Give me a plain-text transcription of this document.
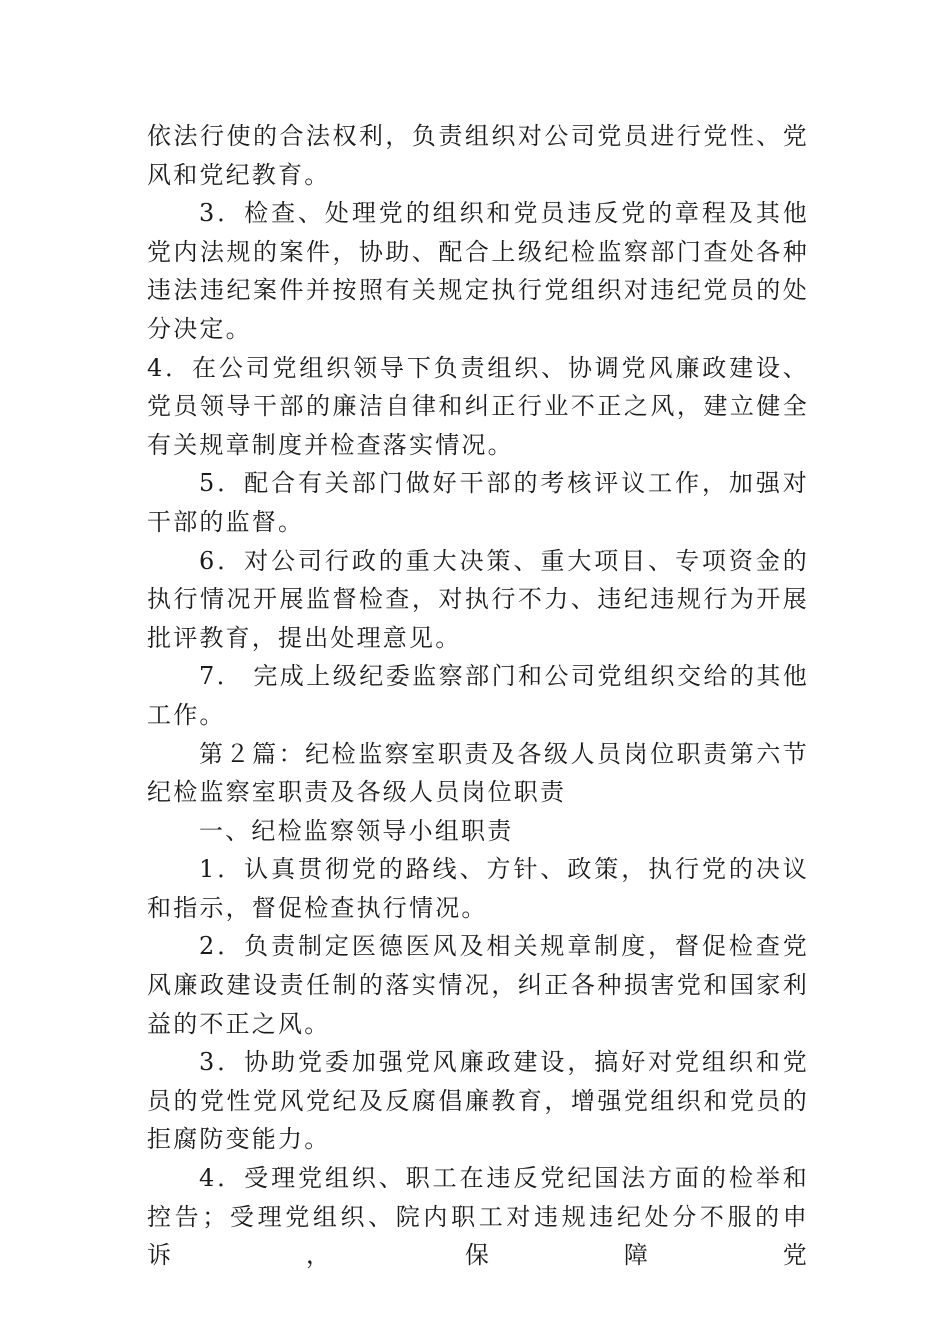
依法行使的合法权利，负责组织对公司党员进行党性、党风和党纪教育。

3．检查、处理党的组织和党员违反党的章程及其他党内法规的案件，协助、配合上级纪检监察部门查处各种违法违纪案件并按照有关规定执行党组织对违纪党员的处分决定。

4．在公司党组织领导下负责组织、协调党风廉政建设、党员领导干部的廉洁自律和纠正行业不正之风，建立健全有关规章制度并检查落实情况。

5．配合有关部门做好干部的考核评议工作，加强对干部的监督。

6．对公司行政的重大决策、重大项目、专项资金的执行情况开展监督检查，对执行不力、违纪违规行为开展批评教育，提出处理意见。

7． 完成上级纪委监察部门和公司党组织交给的其他工作。

第２篇：纪检监察室职责及各级人员岗位职责第六节纪检监察室职责及各级人员岗位职责

一、纪检监察领导小组职责

1．认真贯彻党的路线、方针、政策，执行党的决议和指示，督促检查执行情况。

2．负责制定医德医风及相关规章制度，督促检查党风廉政建设责任制的落实情况，纠正各种损害党和国家利益的不正之风。

3．协助党委加强党风廉政建设，搞好对党组织和党员的党性党风党纪及反腐倡廉教育，增强党组织和党员的拒腐防变能力。

4．受理党组织、职工在违反党纪国法方面的检举和控告；受理党组织、院内职工对违规违纪处分不服的申诉，保障党
